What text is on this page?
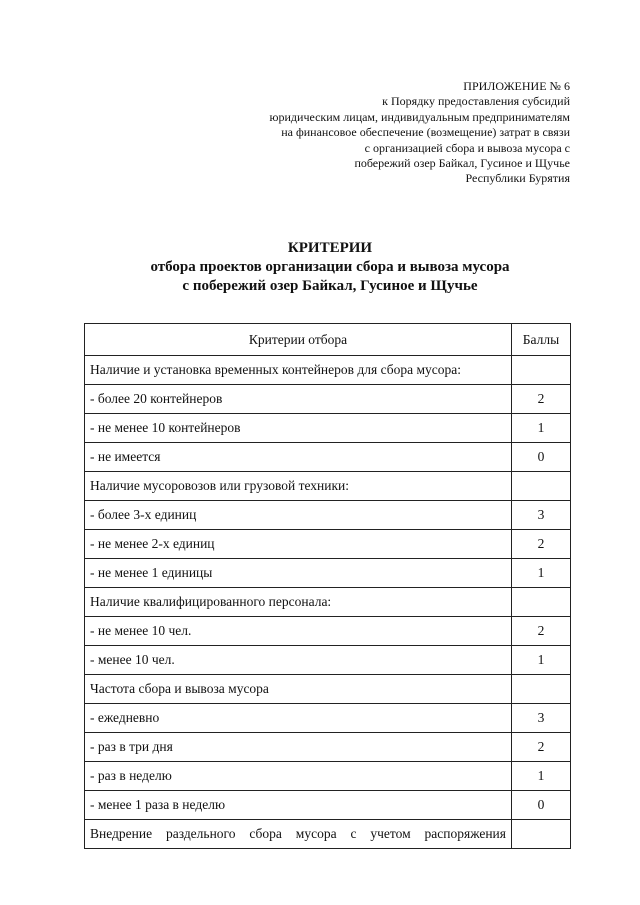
ПРИЛОЖЕНИЕ № 6
к Порядку предоставления субсидий
юридическим лицам, индивидуальным предпринимателям
на финансовое обеспечение (возмещение) затрат в связи
с организацией сбора и вывоза мусора с
побережий озер Байкал, Гусиное и Щучье
Республики Бурятия
КРИТЕРИИ
отбора проектов организации сбора и вывоза мусора
с побережий озер Байкал, Гусиное и Щучье
Критерии отбора	Баллы
Наличие и установка временных контейнеров для сбора мусора:	
- более 20 контейнеров	2
- не менее 10 контейнеров	1
- не имеется	0
Наличие мусоровозов или грузовой техники:	
- более 3-х единиц	3
- не менее 2-х единиц	2
- не менее 1 единицы	1
Наличие квалифицированного персонала:	
- не менее 10 чел.	2
- менее 10 чел.	1
Частота сбора и вывоза мусора	
- ежедневно	3
- раз в три дня	2
- раз в неделю	1
- менее 1 раза в неделю	0
Внедрение раздельного сбора мусора с учетом распоряжения	
